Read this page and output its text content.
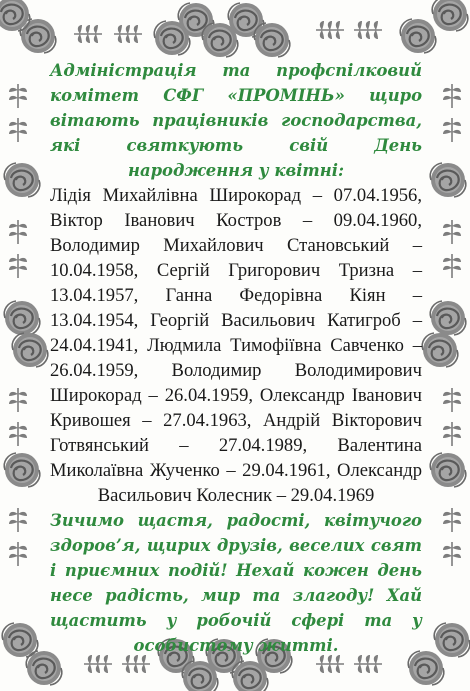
Адміністрація та профспілковий комітет СФГ «ПРОМІНЬ» щиро вітають працівників господарства, які святкують свій День народження у квітні:

Лідія Михайлівна Широкорад – 07.04.1956, Віктор Іванович Костров – 09.04.1960, Володимир Михайлович Становський – 10.04.1958, Сергій Григорович Тризна – 13.04.1957, Ганна Федорівна Кіян – 13.04.1954, Георгій Васильович Катигроб – 24.04.1941, Людмила Тимофіївна Савченко – 26.04.1959, Володимир Володимирович Широкорад – 26.04.1959, Олександр Іванович Кривошея – 27.04.1963, Андрій Вікторович Готвянський – 27.04.1989, Валентина Миколаївна Жученко – 29.04.1961, Олександр Васильович Колесник – 29.04.1969

Зичимо щастя, радості, квітучого здоров’я, щирих друзів, веселих свят і приємних подій! Нехай кожен день несе радість, мир та злагоду! Хай щастить у робочій сфері та у особистому житті.
